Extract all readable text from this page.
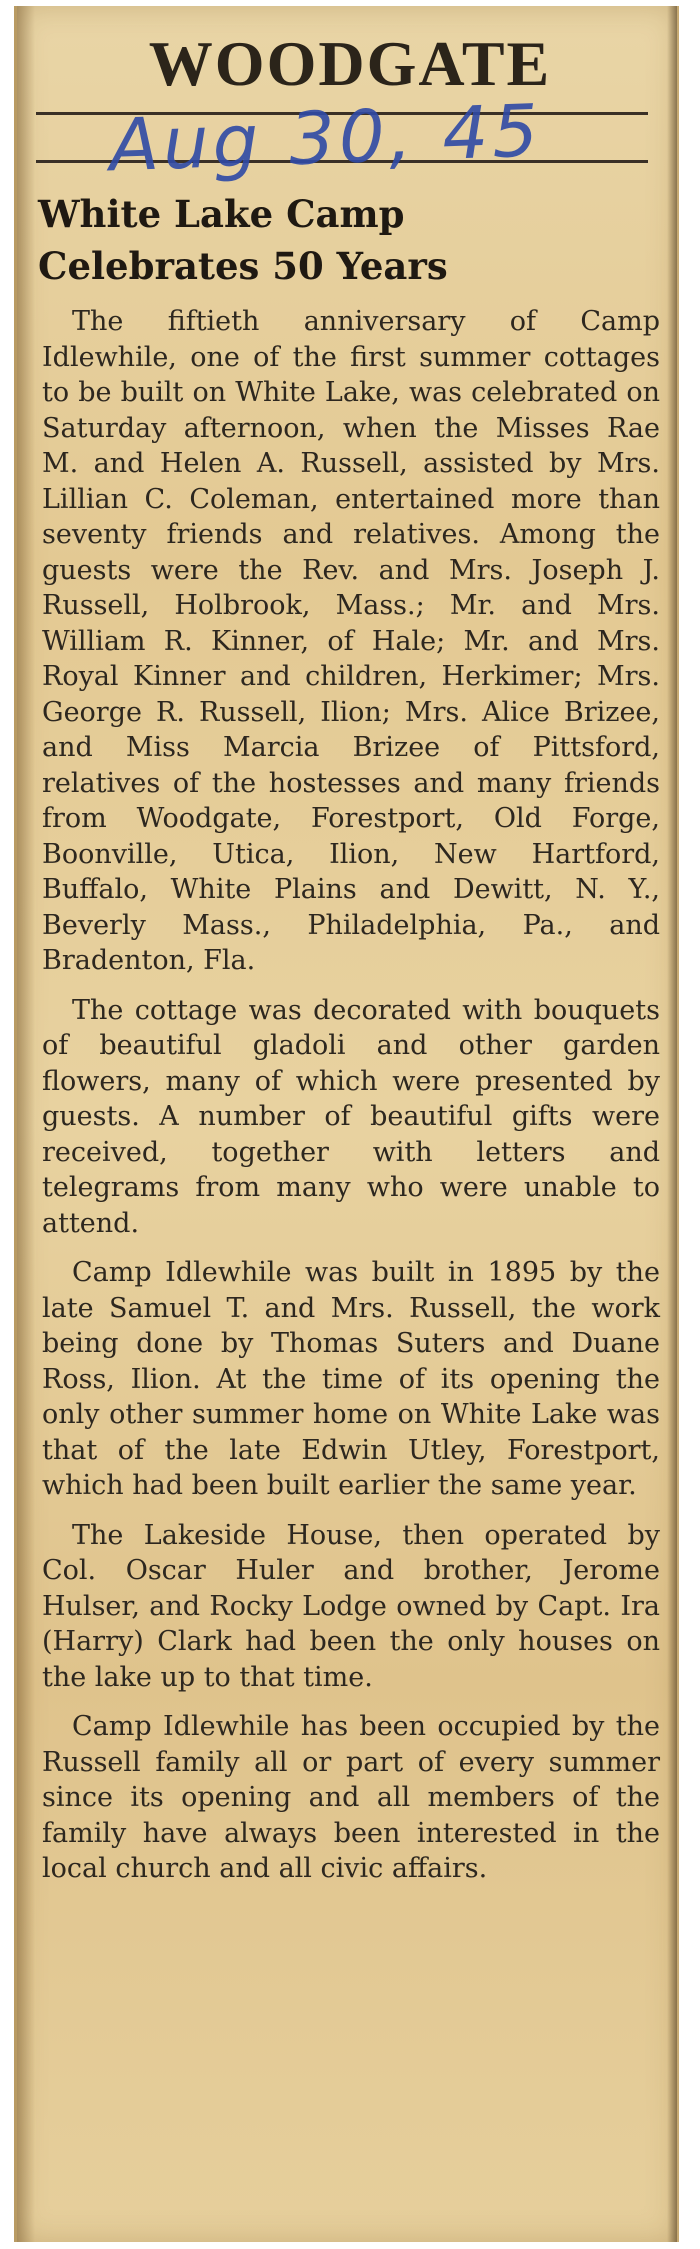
WOODGATE
Aug 30, 45
White Lake Camp
Celebrates 50 Years

The fiftieth anniversary of Camp Idlewhile, one of the first summer cottages to be built on White Lake, was celebrated on Saturday afternoon, when the Misses Rae M. and Helen A. Russell, assisted by Mrs. Lillian C. Coleman, entertained more than seventy friends and relatives. Among the guests were the Rev. and Mrs. Joseph J. Russell, Holbrook, Mass.; Mr. and Mrs. William R. Kinner, of Hale; Mr. and Mrs. Royal Kinner and children, Herkimer; Mrs. George R. Russell, Ilion; Mrs. Alice Brizee, and Miss Marcia Brizee of Pittsford, relatives of the hostesses and many friends from Woodgate, Forestport, Old Forge, Boonville, Utica, Ilion, New Hartford, Buffalo, White Plains and Dewitt, N. Y., Beverly Mass., Philadelphia, Pa., and Bradenton, Fla.

The cottage was decorated with bouquets of beautiful gladoli and other garden flowers, many of which were presented by guests. A number of beautiful gifts were received, together with letters and telegrams from many who were unable to attend.

Camp Idlewhile was built in 1895 by the late Samuel T. and Mrs. Russell, the work being done by Thomas Suters and Duane Ross, Ilion. At the time of its opening the only other summer home on White Lake was that of the late Edwin Utley, Forestport, which had been built earlier the same year.

The Lakeside House, then operated by Col. Oscar Huler and brother, Jerome Hulser, and Rocky Lodge owned by Capt. Ira (Harry) Clark had been the only houses on the lake up to that time.

Camp Idlewhile has been occupied by the Russell family all or part of every summer since its opening and all members of the family have always been interested in the local church and all civic affairs.
